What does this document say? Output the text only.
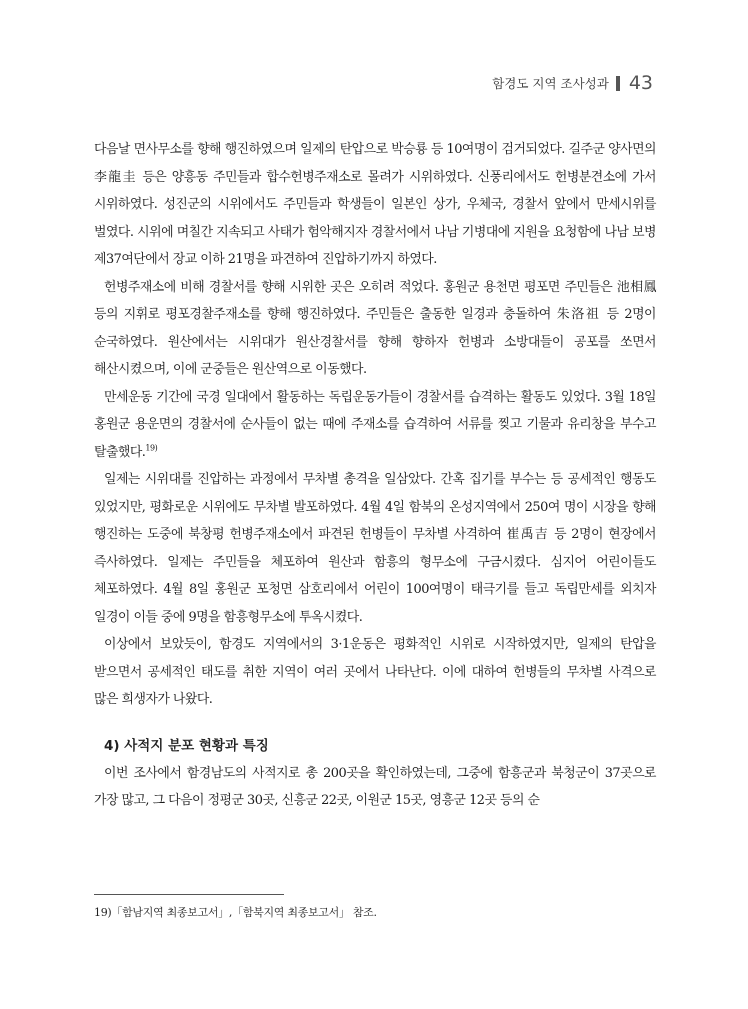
함경도 지역 조사성과 43

다음날 면사무소를 향해 행진하였으며 일제의 탄압으로 박승룡 등 10여명이 검거되었다. 길주군 양사면의 李龍圭 등은 양흥동 주민들과 합수헌병주재소로 몰려가 시위하였다. 신풍리에서도 헌병분견소에 가서 시위하였다. 성진군의 시위에서도 주민들과 학생들이 일본인 상가, 우체국, 경찰서 앞에서 만세시위를 벌였다. 시위에 며칠간 지속되고 사태가 험악해지자 경찰서에서 나남 기병대에 지원을 요청함에 나남 보병 제37여단에서 장교 이하 21명을 파견하여 진압하기까지 하였다.

헌병주재소에 비해 경찰서를 향해 시위한 곳은 오히려 적었다. 홍원군 용천면 평포면 주민들은 池相鳳 등의 지휘로 평포경찰주재소를 향해 행진하였다. 주민들은 출동한 일경과 충돌하여 朱洛祖 등 2명이 순국하였다. 원산에서는 시위대가 원산경찰서를 향해 향하자 헌병과 소방대들이 공포를 쏘면서 해산시켰으며, 이에 군중들은 원산역으로 이동했다.

만세운동 기간에 국경 일대에서 활동하는 독립운동가들이 경찰서를 습격하는 활동도 있었다. 3월 18일 홍원군 용운면의 경찰서에 순사들이 없는 때에 주재소를 습격하여 서류를 찢고 기물과 유리창을 부수고 탈출했다.$^{19)}$

일제는 시위대를 진압하는 과정에서 무차별 총격을 일삼았다. 간혹 집기를 부수는 등 공세적인 행동도 있었지만, 평화로운 시위에도 무차별 발포하였다. 4월 4일 함북의 온성지역에서 250여 명이 시장을 향해 행진하는 도중에 북창평 헌병주재소에서 파견된 헌병들이 무차별 사격하여 崔禹吉 등 2명이 현장에서 즉사하였다. 일제는 주민들을 체포하여 원산과 함흥의 형무소에 구금시켰다. 심지어 어린이들도 체포하였다. 4월 8일 홍원군 포청면 삼호리에서 어린이 100여명이 태극기를 들고 독립만세를 외치자 일경이 이들 중에 9명을 함흥형무소에 투옥시켰다.

이상에서 보았듯이, 함경도 지역에서의 3·1운동은 평화적인 시위로 시작하였지만, 일제의 탄압을 받으면서 공세적인 태도를 취한 지역이 여러 곳에서 나타난다. 이에 대하여 헌병들의 무차별 사격으로 많은 희생자가 나왔다.

4) 사적지 분포 현황과 특징

이번 조사에서 함경남도의 사적지로 총 200곳을 확인하였는데, 그중에 함흥군과 북청군이 37곳으로 가장 많고, 그 다음이 정평군 30곳, 신흥군 22곳, 이원군 15곳, 영흥군 12곳 등의 순

19)「함남지역 최종보고서」,「함북지역 최종보고서」 참조.
